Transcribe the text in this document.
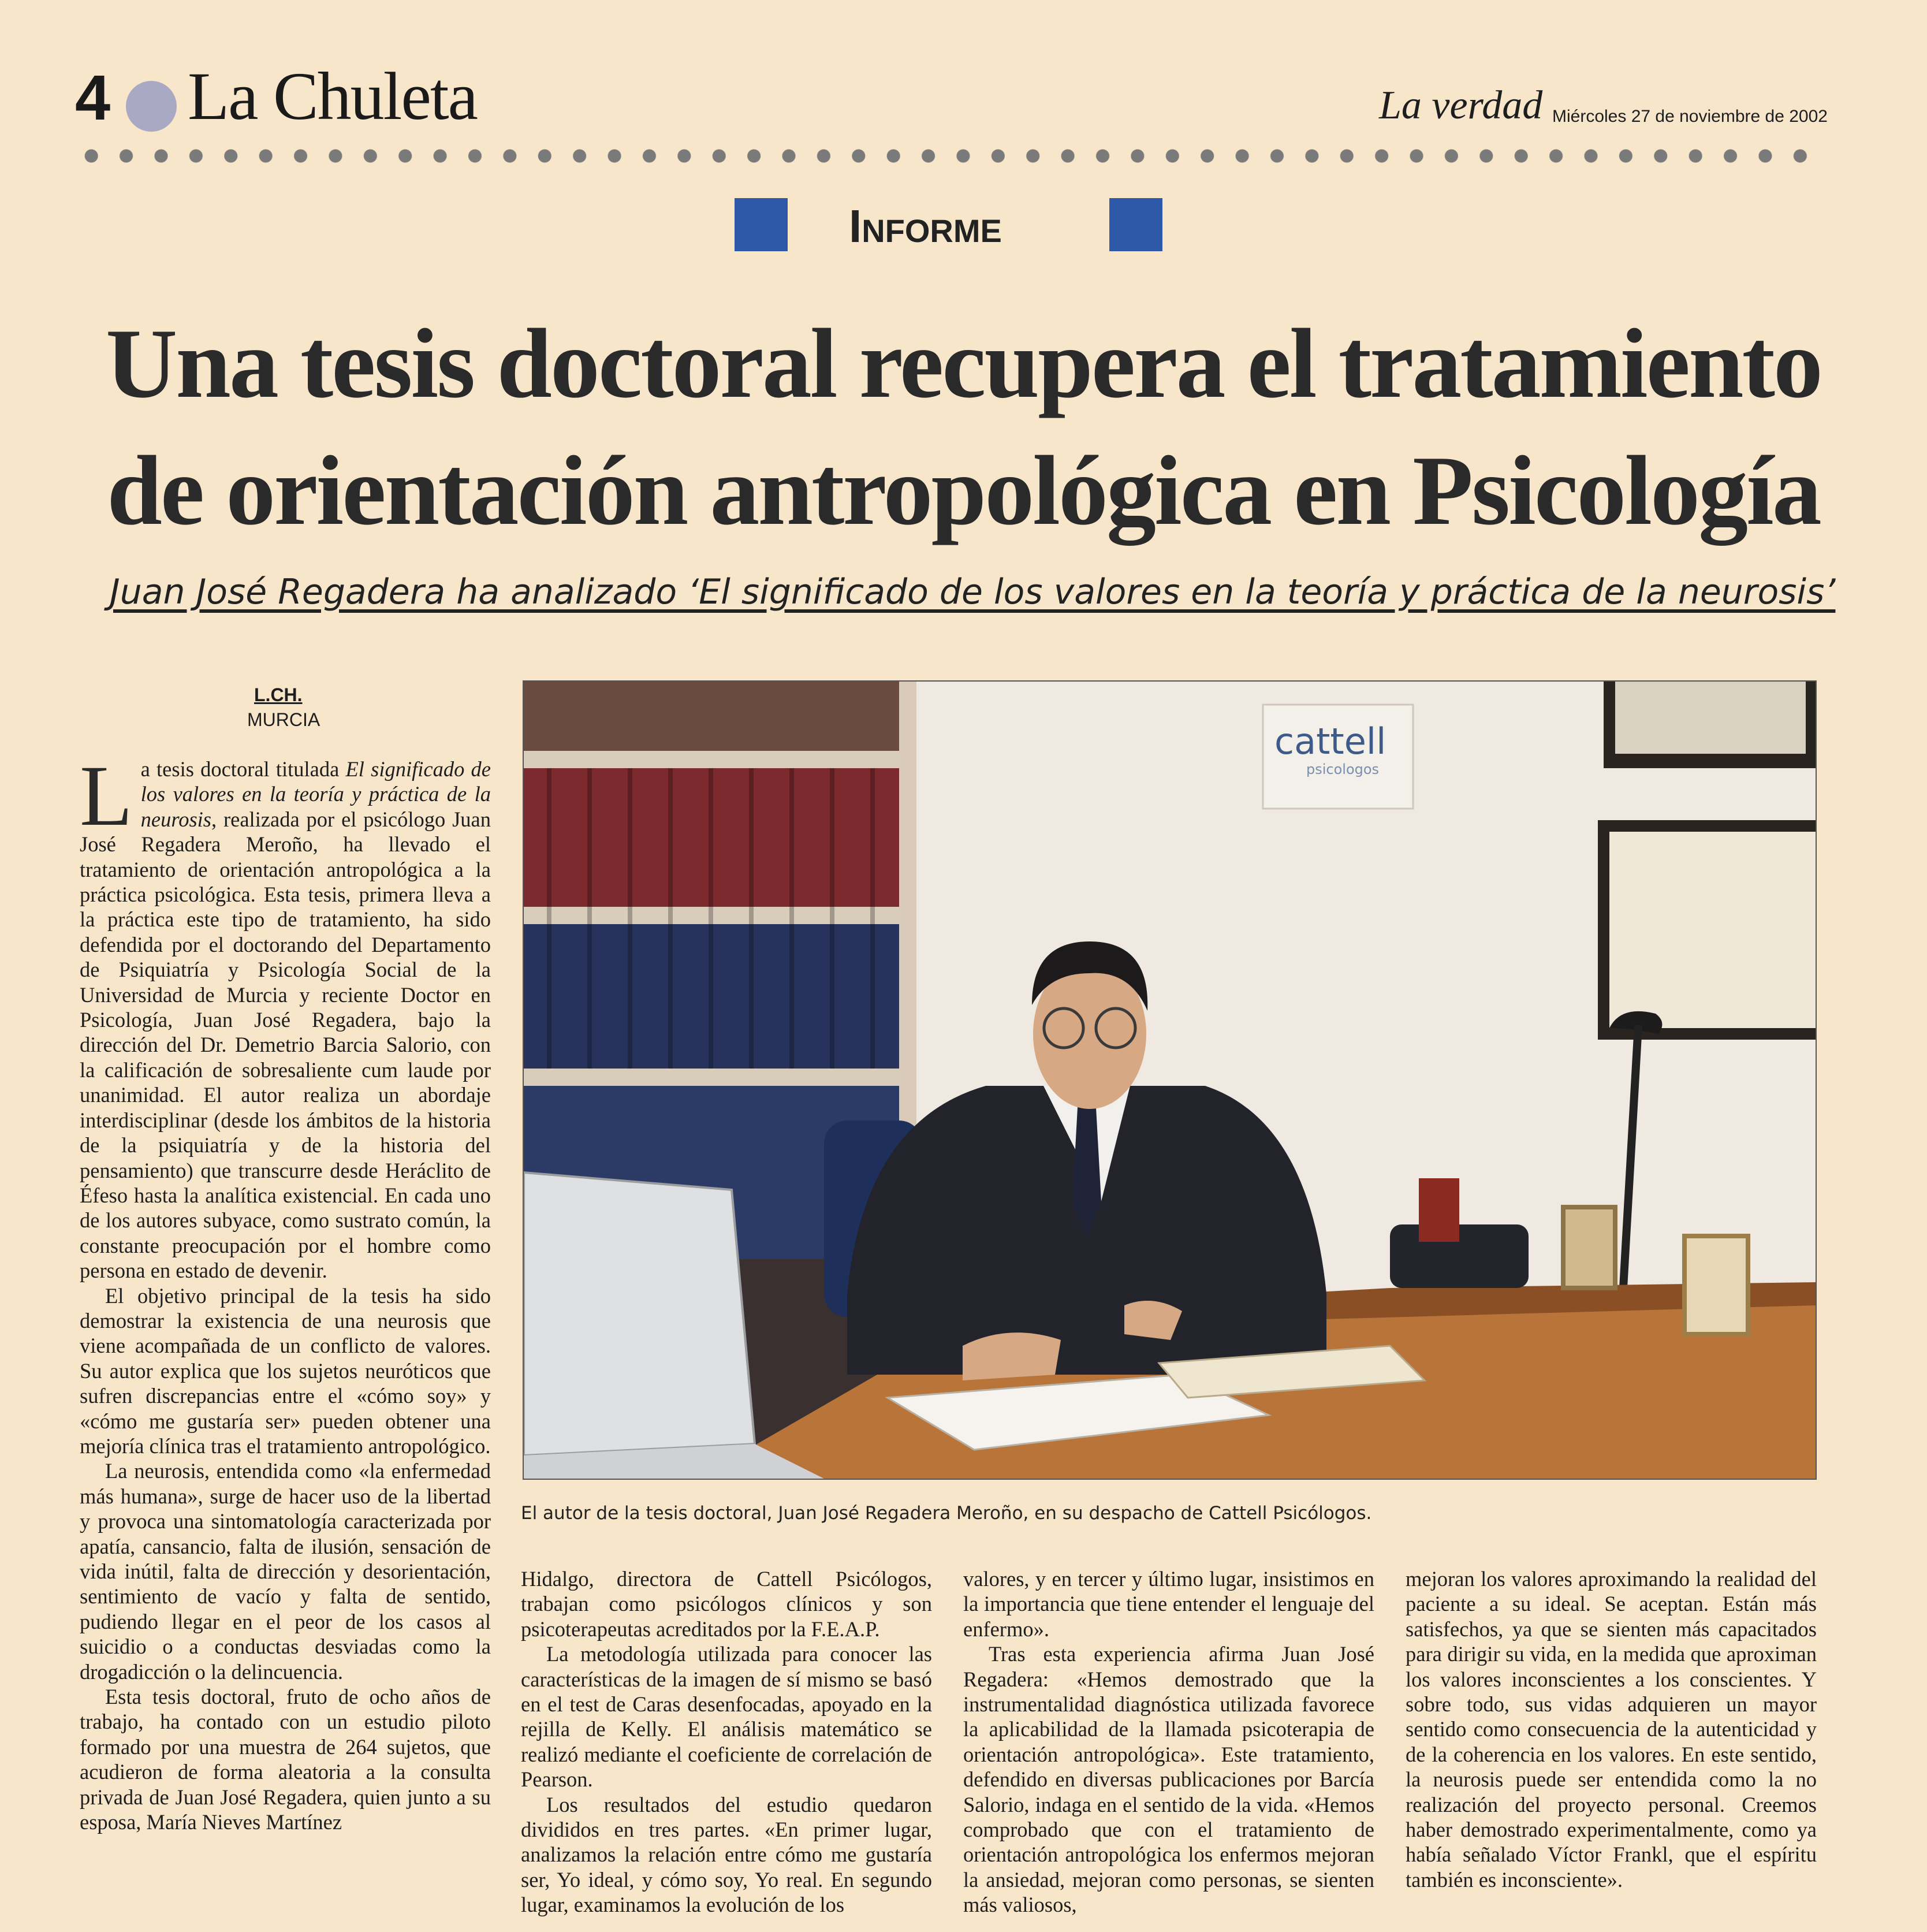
4 La Chuleta	La verdad Miércoles 27 de noviembre de 2002
Informe
Una tesis doctoral recupera el tratamiento
de orientación antropológica en Psicología
Juan José Regadera ha analizado ‘El significado de los valores en la teoría y práctica de la neurosis’
L.CH.
MURCIA

La tesis doctoral titulada El significado de los valores en la teoría y práctica de la neurosis, realizada por el psicólogo Juan José Regadera Meroño, ha llevado el tratamiento de orientación antropológica a la práctica psicológica. Esta tesis, primera lleva a la práctica este tipo de tratamiento, ha sido defendida por el doctorando del Departamento de Psiquiatría y Psicología Social de la Universidad de Murcia y reciente Doctor en Psicología, Juan José Regadera, bajo la dirección del Dr. Demetrio Barcia Salorio, con la calificación de sobresaliente cum laude por unanimidad. El autor realiza un abordaje interdisciplinar (desde los ámbitos de la historia de la psiquiatría y de la historia del pensamiento) que transcurre desde Heráclito de Éfeso hasta la analítica existencial. En cada uno de los autores subyace, como sustrato común, la constante preocupación por el hombre como persona en estado de devenir.

El objetivo principal de la tesis ha sido demostrar la existencia de una neurosis que viene acompañada de un conflicto de valores. Su autor explica que los sujetos neuróticos que sufren discrepancias entre el «cómo soy» y «cómo me gustaría ser» pueden obtener una mejoría clínica tras el tratamiento antropológico.

La neurosis, entendida como «la enfermedad más humana», surge de hacer uso de la libertad y provoca una sintomatología caracterizada por apatía, cansancio, falta de ilusión, sensación de vida inútil, falta de dirección y desorientación, sentimiento de vacío y falta de sentido, pudiendo llegar en el peor de los casos al suicidio o a conductas desviadas como la drogadicción o la delincuencia.

Esta tesis doctoral, fruto de ocho años de trabajo, ha contado con un estudio piloto formado por una muestra de 264 sujetos, que acudieron de forma aleatoria a la consulta privada de Juan José Regadera, quien junto a su esposa, María Nieves Martínez

cattell
psicologos
El autor de la tesis doctoral, Juan José Regadera Meroño, en su despacho de Cattell Psicólogos.

Hidalgo, directora de Cattell Psicólogos, trabajan como psicólogos clínicos y son psicoterapeutas acreditados por la F.E.A.P.

La metodología utilizada para conocer las características de la imagen de sí mismo se basó en el test de Caras desenfocadas, apoyado en la rejilla de Kelly. El análisis matemático se realizó mediante el coeficiente de correlación de Pearson.

Los resultados del estudio quedaron divididos en tres partes. «En primer lugar, analizamos la relación entre cómo me gustaría ser, Yo ideal, y cómo soy, Yo real. En segundo lugar, examinamos la evolución de los

valores, y en tercer y último lugar, insistimos en la importancia que tiene entender el lenguaje del enfermo».

Tras esta experiencia afirma Juan José Regadera: «Hemos demostrado que la instrumentalidad diagnóstica utilizada favorece la aplicabilidad de la llamada psicoterapia de orientación antropológica». Este tratamiento, defendido en diversas publicaciones por Barcía Salorio, indaga en el sentido de la vida. «Hemos comprobado que con el tratamiento de orientación antropológica los enfermos mejoran la ansiedad, mejoran como personas, se sienten más valiosos,

mejoran los valores aproximando la realidad del paciente a su ideal. Se aceptan. Están más satisfechos, ya que se sienten más capacitados para dirigir su vida, en la medida que aproximan los valores inconscientes a los conscientes. Y sobre todo, sus vidas adquieren un mayor sentido como consecuencia de la autenticidad y de la coherencia en los valores. En este sentido, la neurosis puede ser entendida como la no realización del proyecto personal. Creemos haber demostrado experimentalmente, como ya había señalado Víctor Frankl, que el espíritu también es inconsciente».
